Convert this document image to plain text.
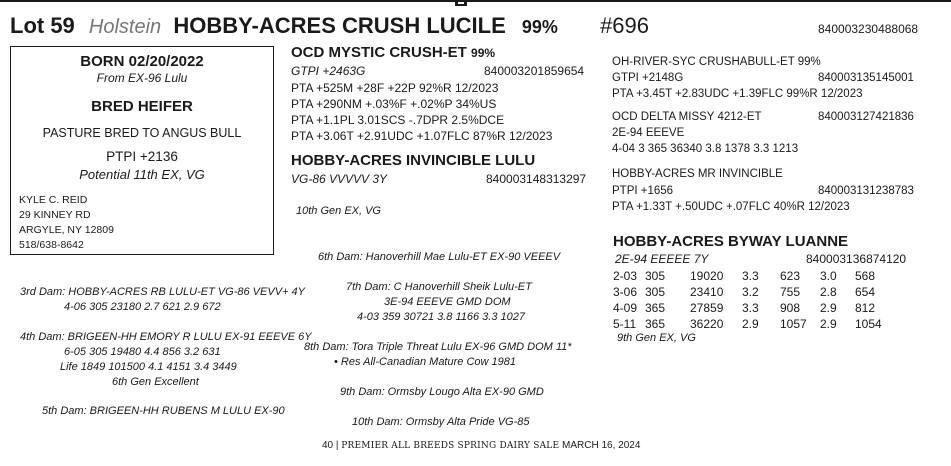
Lot 59 Holstein HOBBY-ACRES CRUSH LUCILE 99% #696	840003230488068
BORN 02/20/2022
From EX-96 Lulu
BRED HEIFER
PASTURE BRED TO ANGUS BULL
PTPI +2136
Potential 11th EX, VG
KYLE C. REID
29 KINNEY RD
ARGYLE, NY 12809
518/638-8642
OCD MYSTIC CRUSH-ET 99%
GTPI +2463G	840003201859654
PTA +525M +28F +22P 92%R 12/2023
PTA +290NM +.03%F +.02%P 34%US
PTA +1.1PL 3.01SCS -.7DPR 2.5%DCE
PTA +3.06T +2.91UDC +1.07FLC 87%R 12/2023
HOBBY-ACRES INVINCIBLE LULU
VG-86 VVVVV 3Y	840003148313297
10th Gen EX, VG
OH-RIVER-SYC CRUSHABULL-ET 99%
GTPI +2148G	840003135145001
PTA +3.45T +2.83UDC +1.39FLC 99%R 12/2023
OCD DELTA MISSY 4212-ET	840003127421836
2E-94 EEEVE
4-04 3 365 36340 3.8 1378 3.3 1213
HOBBY-ACRES MR INVINCIBLE
PTPI +1656	840003131238783
PTA +1.33T +.50UDC +.07FLC 40%R 12/2023
HOBBY-ACRES BYWAY LUANNE
2E-94 EEEEE 7Y	840003136874120
2-03	305	19020	3.3	623	3.0	568
3-06	305	23410	3.2	755	2.8	654
4-09	365	27859	3.3	908	2.9	812
5-11	365	36220	2.9	1057	2.9	1054
9th Gen EX, VG
3rd Dam: HOBBY-ACRES RB LULU-ET VG-86 VEVV+ 4Y
4-06 305 23180 2.7 621 2.9 672
4th Dam: BRIGEEN-HH EMORY R LULU EX-91 EEEVE 6Y
6-05 305 19480 4.4 856 3.2 631
Life 1849 101500 4.1 4151 3.4 3449
6th Gen Excellent
5th Dam: BRIGEEN-HH RUBENS M LULU EX-90
6th Dam: Hanoverhill Mae Lulu-ET EX-90 VEEEV
7th Dam: C Hanoverhill Sheik Lulu-ET
3E-94 EEEVE GMD DOM
4-03 359 30721 3.8 1166 3.3 1027
8th Dam: Tora Triple Threat Lulu EX-96 GMD DOM 11*
• Res All-Canadian Mature Cow 1981
9th Dam: Ormsby Lougo Alta EX-90 GMD
10th Dam: Ormsby Alta Pride VG-85
40 | PREMIER ALL BREEDS SPRING DAIRY SALE MARCH 16, 2024
